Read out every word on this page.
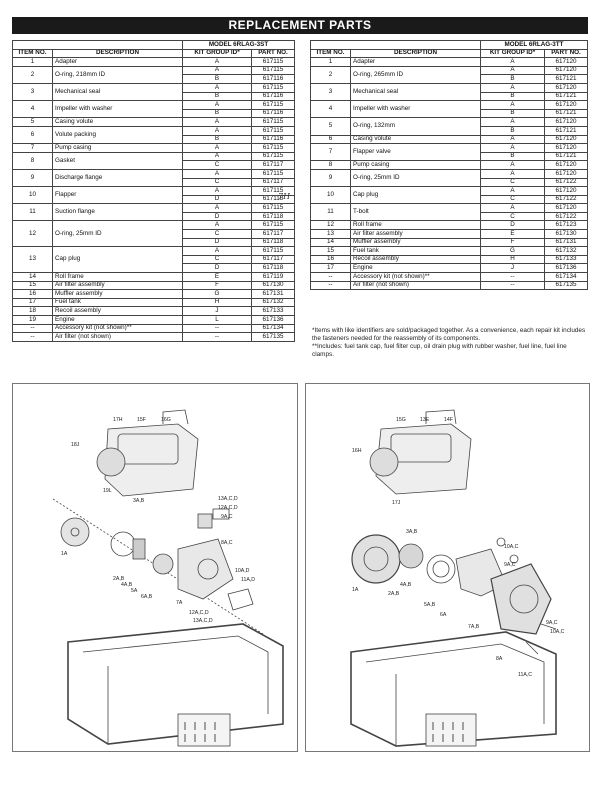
REPLACEMENT PARTS
		MODEL 6RLAG-3ST	
ITEM NO.	DESCRIPTION	KIT GROUP ID*	PART NO.
1	Adapter	A	617115
2	O-ring, 218mm ID	A	617115
		B	617116
3	Mechanical seal	A	617115
		B	617116
4	Impeller with washer	A	617115
		B	617116
5	Casing volute	A	617115
6	Volute packing	A	617115
		B	617116
7	Pump casing	A	617115
8	Gasket	A	617115
		C	617117
9	Discharge flange	A	617115
		C	617117
10	Flapper	A	617115
		D	617118
11	Suction flange	A	617115
		D	617118
12	O-ring, 25mm ID	A	617115
		C	617117
		D	617118
13	Cap plug	A	617115
		C	617117
		D	617118
14	Roll frame	E	617119
15	Air filter assembly	F	617130
16	Muffler assembly	G	617131
17	Fuel tank	H	617132
18	Recoil assembly	J	617133
19	Engine	L	617136
--	Accessory kit (not shown)**	--	617134
--	Air filter (not shown)	--	617135
7H
		MODEL 6RLAG-3TT	
ITEM NO.	DESCRIPTION	KIT GROUP ID*	PART NO.
1	Adapter	A	617120
2	O-ring, 265mm ID	A	617120
		B	617121
3	Mechanical seal	A	617120
		B	617121
4	Impeller with washer	A	617120
		B	617121
5	O-ring, 132mm	A	617120
		B	617121
6	Casing volute	A	617120
7	Flapper valve	A	617120
		B	617121
8	Pump casing	A	617120
9	O-ring, 25mm ID	A	617120
		C	617122
10	Cap plug	A	617120
		C	617122
11	T-bolt	A	617120
		C	617122
12	Roll frame	D	617123
13	Air filter assembly	E	617130
14	Muffler assembly	F	617131
15	Fuel tank	G	617132
16	Recoil assembly	H	617133
17	Engine	J	617136
--	Accessory kit (not shown)**	--	617134
--	Air filter (not shown)	--	617135

*Items with like identifiers are sold/packaged together. As a convenience, each repair kit includes the fasteners needed for the reassembly of its components.

**Includes: fuel tank cap, fuel filter cup, oil drain plug with rubber washer, fuel line, fuel line clamps.

17H	15F	16G
18J
19L
3A,B	13A,C,D
12A,C,D
9A,C
1A
2A,B
8A,C
4A,B
5A
6A,B
10A,D
11A,D
7A
12A,C,D
13A,C,D
15G	13E	14F
16H
17J
3A,B
10A,C
9A,C
1A
2A,B
4A,B
5A,B
6A
7A,B
9A,C
10A,C
8A
11A,C
